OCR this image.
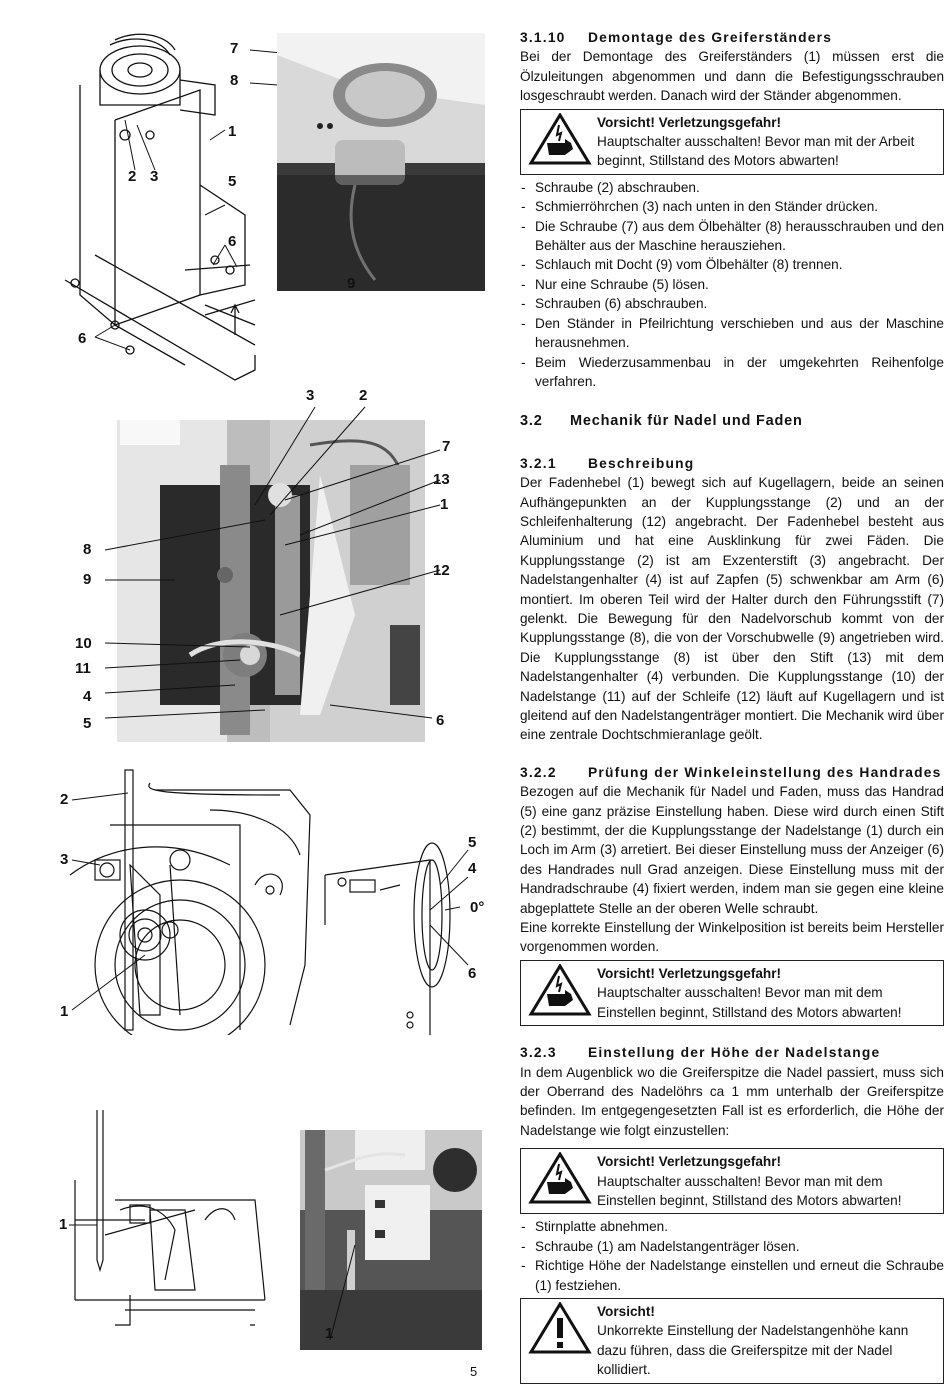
7
8
1
2 3	5
6
9
6
3	2
7
13
1
8
9
12
10
11
4
5	6
2
3
5
4
0°
6
1
1
1
3.1.10 Demontage des Greiferständers

Bei der Demontage des Greiferständers (1) müssen erst die Ölzuleitungen abgenommen und dann die Befestigungsschrauben losgeschraubt werden. Danach wird der Ständer abgenommen.

Vorsicht! Verletzungsgefahr!
Hauptschalter ausschalten! Bevor man mit der Arbeit beginnt, Stillstand des Motors abwarten!
- Schraube (2) abschrauben.
- Schmierröhrchen (3) nach unten in den Ständer drücken.
- Die Schraube (7) aus dem Ölbehälter (8) herausschrauben und den Behälter aus der Maschine herausziehen.
- Schlauch mit Docht (9) vom Ölbehälter (8) trennen.
- Nur eine Schraube (5) lösen.
- Schrauben (6) abschrauben.
- Den Ständer in Pfeilrichtung verschieben und aus der Maschine herausnehmen.
- Beim Wiederzusammenbau in der umgekehrten Reihenfolge verfahren.
3.2 Mechanik für Nadel und Faden
3.2.1 Beschreibung

Der Fadenhebel (1) bewegt sich auf Kugellagern, beide an seinen Aufhängepunkten an der Kupplungsstange (2) und an der Schleifenhalterung (12) angebracht. Der Fadenhebel besteht aus Aluminium und hat eine Ausklinkung für zwei Fäden. Die Kupplungsstange (2) ist am Exzenterstift (3) angebracht. Der Nadelstangenhalter (4) ist auf Zapfen (5) schwenkbar am Arm (6) montiert. Im oberen Teil wird der Halter durch den Führungsstift (7) gelenkt. Die Bewegung für den Nadelvorschub kommt von der Kupplungsstange (8), die von der Vorschubwelle (9) angetrieben wird. Die Kupplungsstange (8) ist über den Stift (13) mit dem Nadelstangenhalter (4) verbunden. Die Kupplungsstange (10) der Nadelstange (11) auf der Schleife (12) läuft auf Kugellagern und ist gleitend auf den Nadelstangenträger montiert. Die Mechanik wird über eine zentrale Dochtschmieranlage geölt.

3.2.2 Prüfung der Winkeleinstellung des Handrades

Bezogen auf die Mechanik für Nadel und Faden, muss das Handrad (5) eine ganz präzise Einstellung haben. Diese wird durch einen Stift (2) bestimmt, der die Kupplungsstange der Nadelstange (1) durch ein Loch im Arm (3) arretiert. Bei dieser Einstellung muss der Anzeiger (6) des Handrades null Grad anzeigen. Diese Einstellung muss mit der Handradschraube (4) fixiert werden, indem man sie gegen eine kleine abgeplattete Stelle an der oberen Welle schraubt.

Eine korrekte Einstellung der Winkelposition ist bereits beim Hersteller vorgenommen worden.

Vorsicht! Verletzungsgefahr!
Hauptschalter ausschalten! Bevor man mit dem Einstellen beginnt, Stillstand des Motors abwarten!
3.2.3 Einstellung der Höhe der Nadelstange

In dem Augenblick wo die Greiferspitze die Nadel passiert, muss sich der Oberrand des Nadelöhrs ca 1 mm unterhalb der Greiferspitze befinden. Im entgegengesetzten Fall ist es erforderlich, die Höhe der Nadelstange wie folgt einzustellen:

Vorsicht! Verletzungsgefahr!
Hauptschalter ausschalten! Bevor man mit dem Einstellen beginnt, Stillstand des Motors abwarten!
- Stirnplatte abnehmen.
- Schraube (1) am Nadelstangenträger lösen.
- Richtige Höhe der Nadelstange einstellen und erneut die Schraube (1) festziehen.
Vorsicht!
Unkorrekte Einstellung der Nadelstangenhöhe kann dazu führen, dass die Greiferspitze mit der Nadel kollidiert.
5
